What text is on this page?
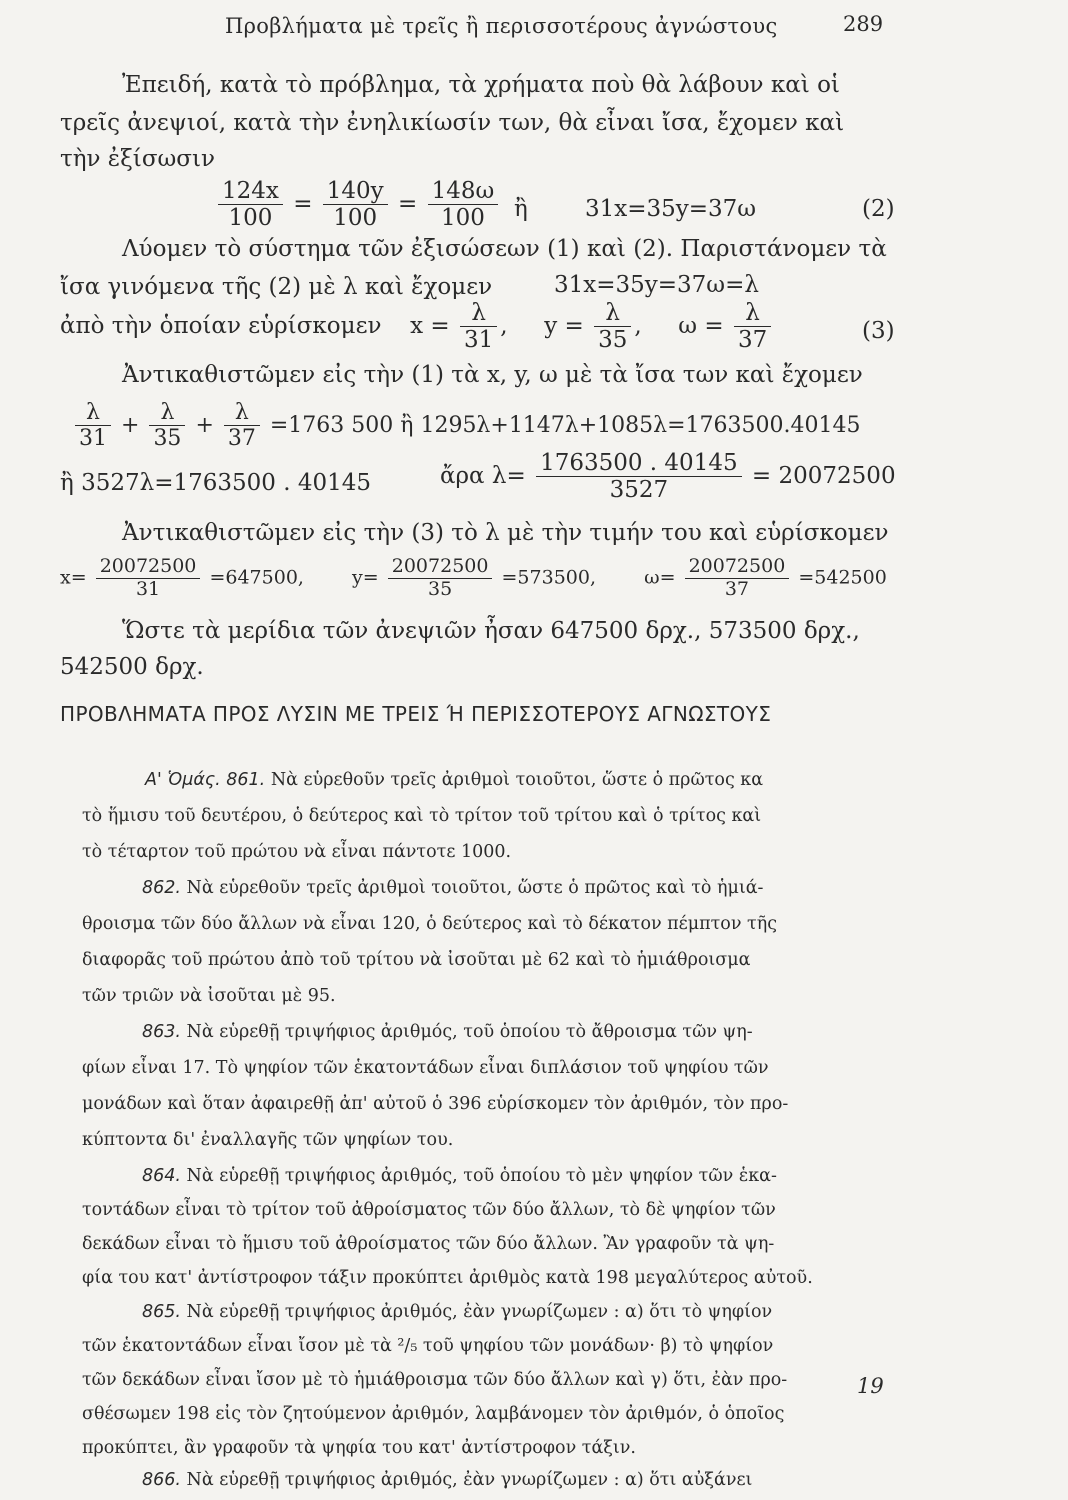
Προβλήματα μὲ τρεῖς ἢ περισσοτέρους ἀγνώστους	289
Ἐπειδή, κατὰ τὸ πρόβλημα, τὰ χρήματα ποὺ θὰ λάβουν καὶ οἱ
τρεῖς ἀνεψιοί, κατὰ τὴν ἐνηλικίωσίν των, θὰ εἶναι ἴσα, ἔχομεν καὶ
τὴν ἐξίσωσιν
$\frac{124x}{100} = \frac{140y}{100} = \frac{148\omega}{100}$ ἢ 31x=35y=37ω	(2)
Λύομεν τὸ σύστημα τῶν ἐξισώσεων (1) καὶ (2). Παριστάνομεν τὰ
ἴσα γινόμενα τῆς (2) μὲ λ καὶ ἔχομεν	31x=35y=37ω=λ
ἀπὸ τὴν ὁποίαν εὑρίσκομεν $x = \frac{\lambda}{31}$ , $y = \frac{\lambda}{35}$ , $\omega = \frac{\lambda}{37}$	(3)
Ἀντικαθιστῶμεν εἰς τὴν (1) τὰ x, y, ω μὲ τὰ ἴσα των καὶ ἔχομεν
$\frac{\lambda}{31} + \frac{\lambda}{35} + \frac{\lambda}{37} =1763$ 500 ἢ 1295λ+1147λ+1085λ=1763500.40145
ἢ 3527λ=1763500 . 40145	ἄρα $\lambda= \frac{1763500 . 40145}{3527} = 20072500$
Ἀντικαθιστῶμεν εἰς τὴν (3) τὸ λ μὲ τὴν τιμήν του καὶ εὑρίσκομεν
$x= \frac{20072500}{31} =647500$,	$y= \frac{20072500}{35} =573500$,	$\omega= \frac{20072500}{37} =542500$
Ὥστε τὰ μερίδια τῶν ἀνεψιῶν ἦσαν 647500 δρχ., 573500 δρχ.,
542500 δρχ.
ΠΡΟΒΛΗΜΑΤΑ ΠΡΟΣ ΛΥΣΙΝ ΜΕ ΤΡΕΙΣ Ή ΠΕΡΙΣΣΟΤΕΡΟΥΣ ΑΓΝΩΣΤΟΥΣ
Α' Ὁμάς. 861. Νὰ εὑρεθοῦν τρεῖς ἀριθμοὶ τοιοῦτοι, ὥστε ὁ πρῶτος κα
τὸ ἥμισυ τοῦ δευτέρου, ὁ δεύτερος καὶ τὸ τρίτον τοῦ τρίτου καὶ ὁ τρίτος καὶ
τὸ τέταρτον τοῦ πρώτου νὰ εἶναι πάντοτε 1000.
862. Νὰ εὑρεθοῦν τρεῖς ἀριθμοὶ τοιοῦτοι, ὥστε ὁ πρῶτος καὶ τὸ ἡμιά-
θροισμα τῶν δύο ἄλλων νὰ εἶναι 120, ὁ δεύτερος καὶ τὸ δέκατον πέμπτον τῆς
διαφορᾶς τοῦ πρώτου ἀπὸ τοῦ τρίτου νὰ ἰσοῦται μὲ 62 καὶ τὸ ἡμιάθροισμα
τῶν τριῶν νὰ ἰσοῦται μὲ 95.
863. Νὰ εὑρεθῇ τριψήφιος ἀριθμός, τοῦ ὁποίου τὸ ἄθροισμα τῶν ψη-
φίων εἶναι 17. Τὸ ψηφίον τῶν ἑκατοντάδων εἶναι διπλάσιον τοῦ ψηφίου τῶν
μονάδων καὶ ὅταν ἀφαιρεθῇ ἀπ' αὐτοῦ ὁ 396 εὑρίσκομεν τὸν ἀριθμόν, τὸν προ-
κύπτοντα δι' ἐναλλαγῆς τῶν ψηφίων του.
864. Νὰ εὑρεθῇ τριψήφιος ἀριθμός, τοῦ ὁποίου τὸ μὲν ψηφίον τῶν ἑκα-
τοντάδων εἶναι τὸ τρίτον τοῦ ἀθροίσματος τῶν δύο ἄλλων, τὸ δὲ ψηφίον τῶν
δεκάδων εἶναι τὸ ἥμισυ τοῦ ἀθροίσματος τῶν δύο ἄλλων. Ἂν γραφοῦν τὰ ψη-
φία του κατ' ἀντίστροφον τάξιν προκύπτει ἀριθμὸς κατὰ 198 μεγαλύτερος αὐτοῦ.
865. Νὰ εὑρεθῇ τριψήφιος ἀριθμός, ἐὰν γνωρίζωμεν : α) ὅτι τὸ ψηφίον
τῶν ἑκατοντάδων εἶναι ἴσον μὲ τὰ ²/₅ τοῦ ψηφίου τῶν μονάδων· β) τὸ ψηφίον
τῶν δεκάδων εἶναι ἴσον μὲ τὸ ἡμιάθροισμα τῶν δύο ἄλλων καὶ γ) ὅτι, ἐὰν προ-
σθέσωμεν 198 εἰς τὸν ζητούμενον ἀριθμόν, λαμβάνομεν τὸν ἀριθμόν, ὁ ὁποῖος
προκύπτει, ἂν γραφοῦν τὰ ψηφία του κατ' ἀντίστροφον τάξιν.
866. Νὰ εὑρεθῇ τριψήφιος ἀριθμός, ἐὰν γνωρίζωμεν : α) ὅτι αὐξάνει
19
